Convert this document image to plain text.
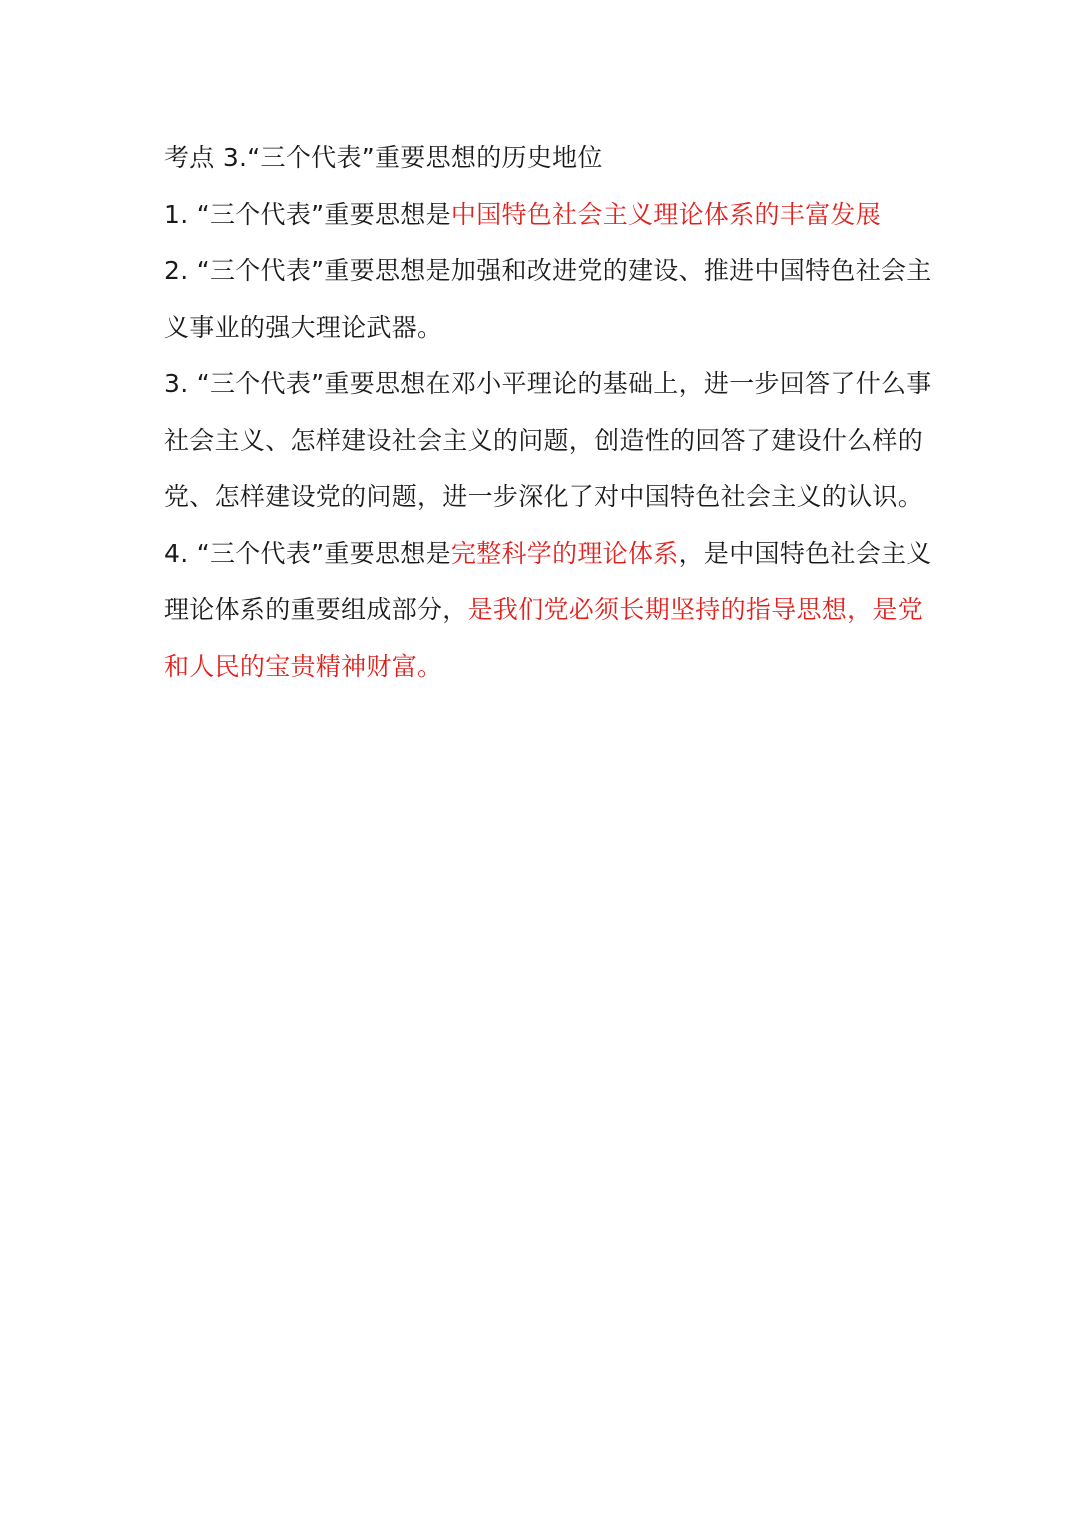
考点 3.“三个代表”重要思想的历史地位
1. “三个代表”重要思想是中国特色社会主义理论体系的丰富发展
2. “三个代表”重要思想是加强和改进党的建设、推进中国特色社会主
义事业的强大理论武器。
3. “三个代表”重要思想在邓小平理论的基础上，进一步回答了什么事
社会主义、怎样建设社会主义的问题，创造性的回答了建设什么样的
党、怎样建设党的问题，进一步深化了对中国特色社会主义的认识。
4. “三个代表”重要思想是完整科学的理论体系，是中国特色社会主义
理论体系的重要组成部分，是我们党必须长期坚持的指导思想，是党
和人民的宝贵精神财富。
